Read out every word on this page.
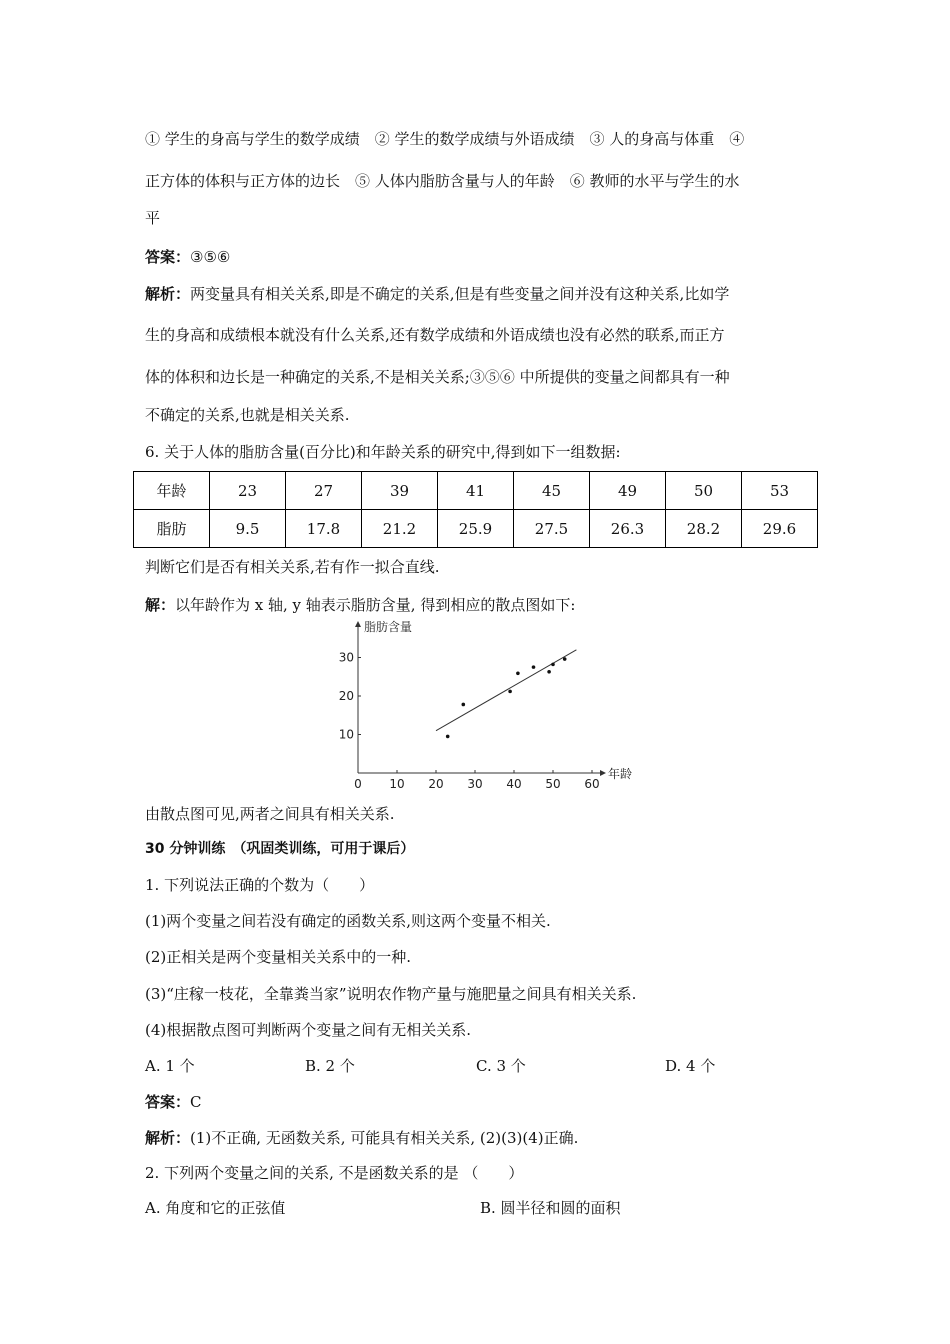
① 学生的身高与学生的数学成绩　② 学生的数学成绩与外语成绩　③ 人的身高与体重　④
正方体的体积与正方体的边长　⑤ 人体内脂肪含量与人的年龄　⑥ 教师的水平与学生的水
平
答案：③⑤⑥
解析：两变量具有相关关系,即是不确定的关系,但是有些变量之间并没有这种关系,比如学
生的身高和成绩根本就没有什么关系,还有数学成绩和外语成绩也没有必然的联系,而正方
体的体积和边长是一种确定的关系,不是相关关系;③⑤⑥ 中所提供的变量之间都具有一种
不确定的关系,也就是相关关系.
6. 关于人体的脂肪含量(百分比)和年龄关系的研究中,得到如下一组数据:
年龄	23	27	39	41	45	49	50	53
脂肪	9.5	17.8	21.2	25.9	27.5	26.3	28.2	29.6
判断它们是否有相关关系,若有作一拟合直线.
解：以年龄作为 x 轴, y 轴表示脂肪含量, 得到相应的散点图如下:
年龄
脂肪含量
0 10 20 30 40 50 60
10
20
30
由散点图可见,两者之间具有相关关系.
30 分钟训练　（巩固类训练，可用于课后）
1. 下列说法正确的个数为（　　）
(1)两个变量之间若没有确定的函数关系,则这两个变量不相关.
(2)正相关是两个变量相关关系中的一种.
(3)“庄稼一枝花，全靠粪当家”说明农作物产量与施肥量之间具有相关关系.
(4)根据散点图可判断两个变量之间有无相关关系.
A. 1 个	B. 2 个	C. 3 个	D. 4 个
答案：C
解析：(1)不正确, 无函数关系, 可能具有相关关系, (2)(3)(4)正确.
2. 下列两个变量之间的关系, 不是函数关系的是 （　　）
A. 角度和它的正弦值	B. 圆半径和圆的面积
